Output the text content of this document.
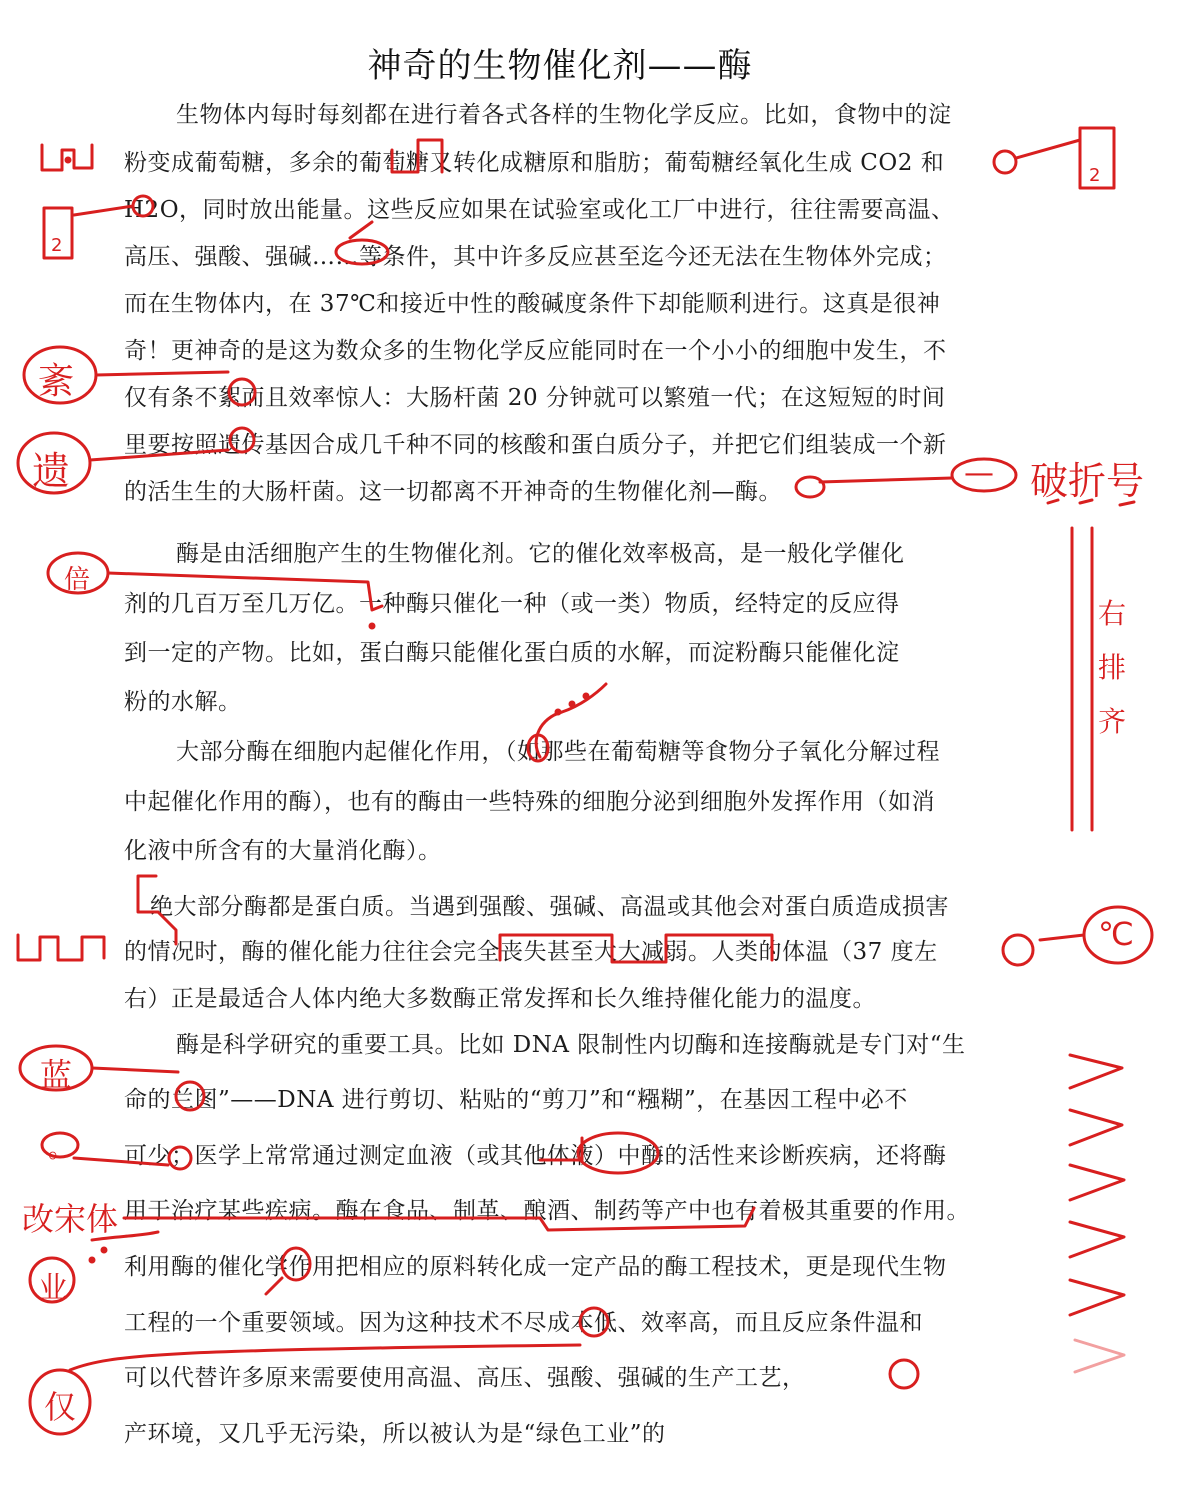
神奇的生物催化剂——酶
生物体内每时每刻都在进行着各式各样的生物化学反应。比如，食物中的淀
粉变成葡萄糖，多余的葡萄糖又转化成糖原和脂肪；葡萄糖经氧化生成 CO2 和
H2O，同时放出能量。这些反应如果在试验室或化工厂中进行，往往需要高温、
高压、强酸、强碱……等条件，其中许多反应甚至迄今还无法在生物体外完成；
而在生物体内，在 37℃和接近中性的酸碱度条件下却能顺利进行。这真是很神
奇！更神奇的是这为数众多的生物化学反应能同时在一个小小的细胞中发生，不
仅有条不絮而且效率惊人：大肠杆菌 20 分钟就可以繁殖一代；在这短短的时间
里要按照遗传基因合成几千种不同的核酸和蛋白质分子，并把它们组装成一个新
的活生生的大肠杆菌。这一切都离不开神奇的生物催化剂—酶。
酶是由活细胞产生的生物催化剂。它的催化效率极高，是一般化学催化
剂的几百万至几万亿。一种酶只催化一种（或一类）物质，经特定的反应得
到一定的产物。比如，蛋白酶只能催化蛋白质的水解，而淀粉酶只能催化淀
粉的水解。
大部分酶在细胞内起催化作用，（如那些在葡萄糖等食物分子氧化分解过程
中起催化作用的酶），也有的酶由一些特殊的细胞分泌到细胞外发挥作用（如消
化液中所含有的大量消化酶）。
绝大部分酶都是蛋白质。当遇到强酸、强碱、高温或其他会对蛋白质造成损害
的情况时，酶的催化能力往往会完全丧失甚至大大减弱。人类的体温（37 度左
右）正是最适合人体内绝大多数酶正常发挥和长久维持催化能力的温度。
酶是科学研究的重要工具。比如 DNA 限制性内切酶和连接酶就是专门对“生
命的兰图”——DNA 进行剪切、粘贴的“剪刀”和“糨糊”，在基因工程中必不
可少；医学上常常通过测定血液（或其他体液）中酶的活性来诊断疾病，还将酶
用于治疗某些疾病。酶在食品、制革、酿酒、制药等产中也有着极其重要的作用。
利用酶的催化学作用把相应的原料转化成一定产品的酶工程技术，更是现代生物
工程的一个重要领域。因为这种技术不尽成本低、效率高，而且反应条件温和
可以代替许多原来需要使用高温、高压、强酸、强碱的生产工艺，
产环境，又几乎无污染，所以被认为是“绿色工业”的
2
2
紊
遗	— 破折号
倍
右
排
齐
℃
蓝
。
改宋体
业
仅
